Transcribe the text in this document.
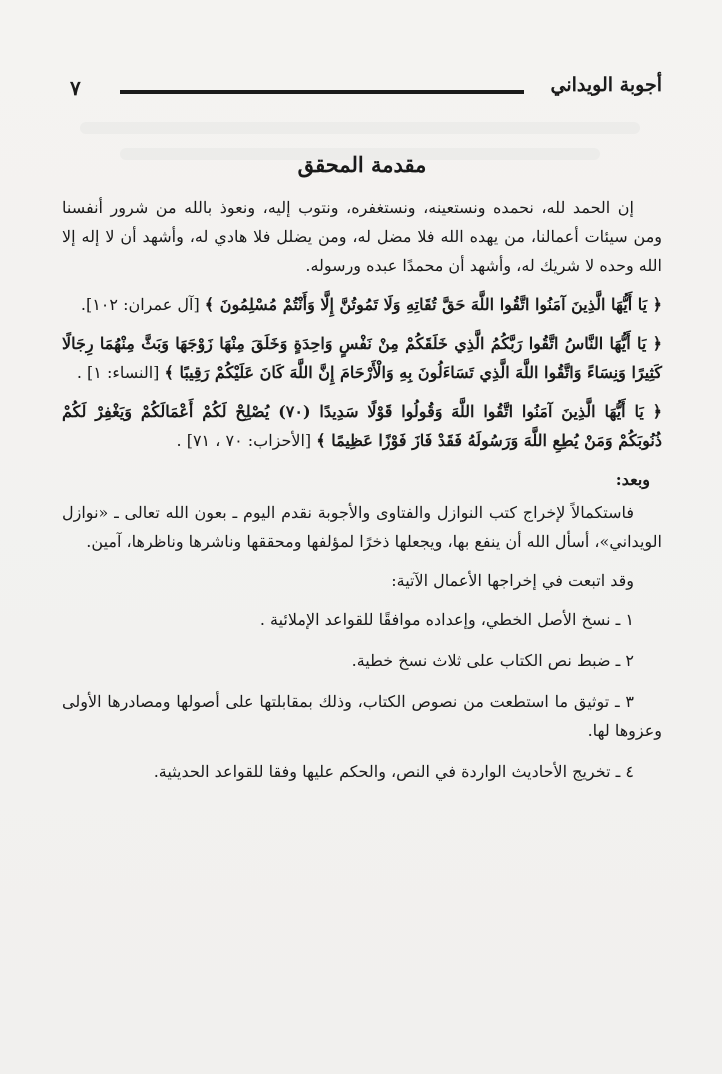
أجوبة الويداني
٧
مقدمة المحقق

إن الحمد لله، نحمده ونستعينه، ونستغفره، ونتوب إليه، ونعوذ بالله من شرور أنفسنا ومن سيئات أعمالنا، من يهده الله فلا مضل له، ومن يضلل فلا هادي له، وأشهد أن لا إله إلا الله وحده لا شريك له، وأشهد أن محمدًا عبده ورسوله.

﴿ يَا أَيُّهَا الَّذِينَ آمَنُوا اتَّقُوا اللَّهَ حَقَّ تُقَاتِهِ وَلَا تَمُوتُنَّ إِلَّا وَأَنْتُمْ مُسْلِمُونَ ﴾ [آل عمران: ١٠٢].

﴿ يَا أَيُّهَا النَّاسُ اتَّقُوا رَبَّكُمُ الَّذِي خَلَقَكُمْ مِنْ نَفْسٍ وَاحِدَةٍ وَخَلَقَ مِنْهَا زَوْجَهَا وَبَثَّ مِنْهُمَا رِجَالًا كَثِيرًا وَنِسَاءً وَاتَّقُوا اللَّهَ الَّذِي تَسَاءَلُونَ بِهِ وَالْأَرْحَامَ إِنَّ اللَّهَ كَانَ عَلَيْكُمْ رَقِيبًا ﴾ [النساء: ١] .

﴿ يَا أَيُّهَا الَّذِينَ آمَنُوا اتَّقُوا اللَّهَ وَقُولُوا قَوْلًا سَدِيدًا (٧٠) يُصْلِحْ لَكُمْ أَعْمَالَكُمْ وَيَغْفِرْ لَكُمْ ذُنُوبَكُمْ وَمَنْ يُطِعِ اللَّهَ وَرَسُولَهُ فَقَدْ فَازَ فَوْزًا عَظِيمًا ﴾ [الأحزاب: ٧٠ ، ٧١] .

وبعد:

فاستكمالاً لإخراج كتب النوازل والفتاوى والأجوبة نقدم اليوم ـ بعون الله تعالى ـ «نوازل الويداني»، أسأل الله أن ينفع بها، ويجعلها ذخرًا لمؤلفها ومحققها وناشرها وناظرها، آمين.

وقد اتبعت في إخراجها الأعمال الآتية:

١ ـ نسخ الأصل الخطي، وإعداده موافقًا للقواعد الإملائية .

٢ ـ ضبط نص الكتاب على ثلاث نسخ خطية.

٣ ـ توثيق ما استطعت من نصوص الكتاب، وذلك بمقابلتها على أصولها ومصادرها الأولى وعزوها لها.

٤ ـ تخريج الأحاديث الواردة في النص، والحكم عليها وفقا للقواعد الحديثية.
